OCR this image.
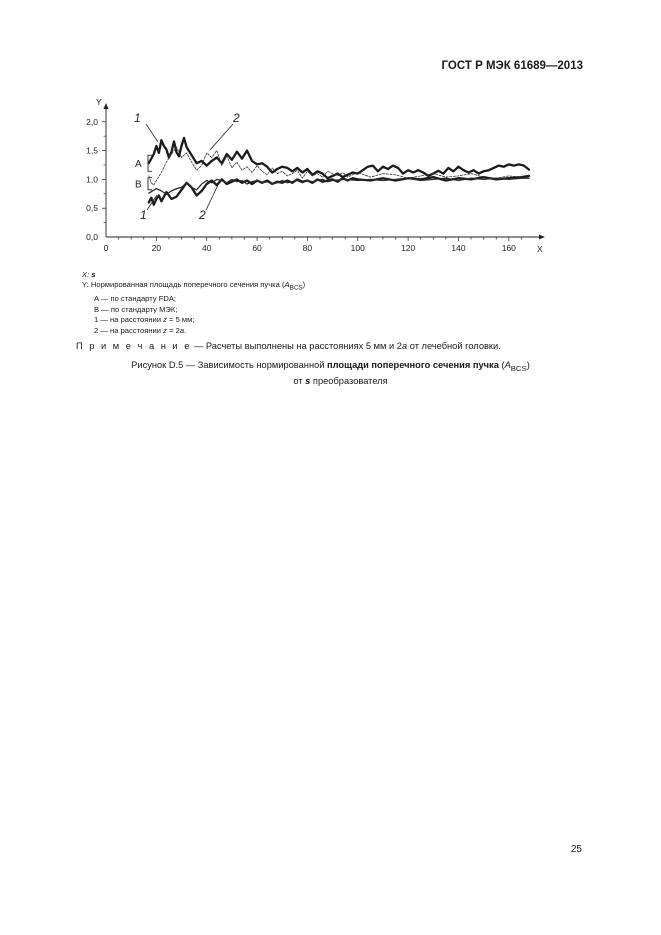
ГОСТ Р МЭК 61689—2013
X
Y
0	20	40	60	80	100	120	140	160
0,0
0,5
1,0
1,5
2,0
A
B
1	2
1	2
X: s
Y: Нормированная площадь поперечного сечения пучка $(A_{BCS})$
A — по стандарту FDA;
B — по стандарту МЭК;
1 — на расстоянии z = 5 мм;
2 — на расстоянии z = 2a.
П р и м е ч а н и е — Расчеты выполнены на расстояниях 5 мм и 2a от лечебной головки.
Рисунок D.5 — Зависимость нормированной площади поперечного сечения пучка $(A_{BCS})$
от s преобразователя
25
